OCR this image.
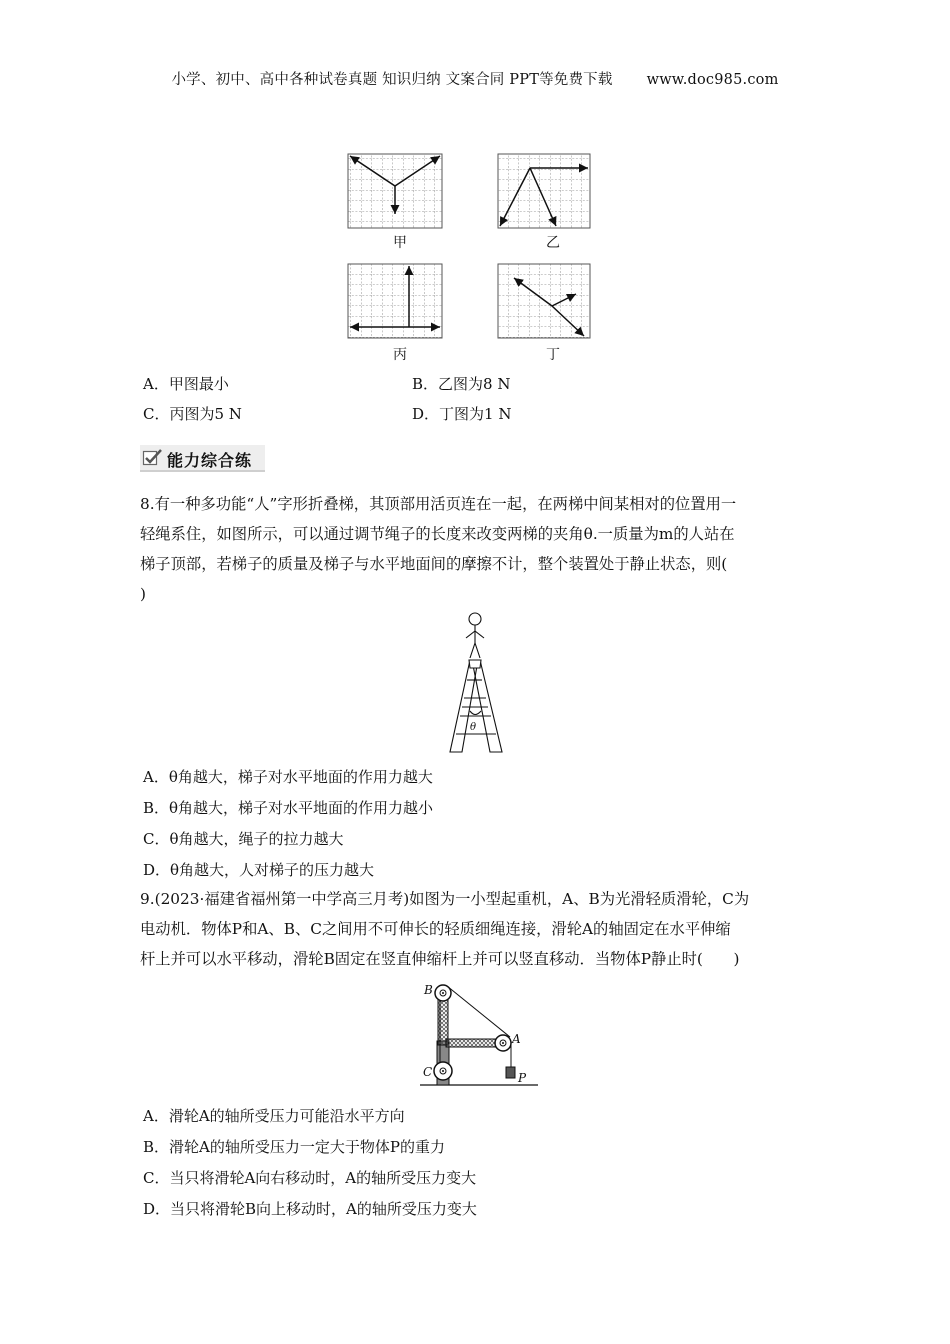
小学、初中、高中各种试卷真题 知识归纳 文案合同 PPT等免费下载 www.doc985.com
甲	乙
丙	丁
A．甲图最小	B．乙图为8 N
C．丙图为5 N	D．丁图为1 N
能力综合练
8.有一种多功能“人”字形折叠梯，其顶部用活页连在一起，在两梯中间某相对的位置用一
轻绳系住，如图所示，可以通过调节绳子的长度来改变两梯的夹角θ.一质量为m的人站在
梯子顶部，若梯子的质量及梯子与水平地面间的摩擦不计，整个装置处于静止状态，则(
)
θ
A．θ角越大，梯子对水平地面的作用力越大
B．θ角越大，梯子对水平地面的作用力越小
C．θ角越大，绳子的拉力越大
D．θ角越大，人对梯子的压力越大
9.(2023·福建省福州第一中学高三月考)如图为一小型起重机，A、B为光滑轻质滑轮，C为
电动机．物体P和A、B、C之间用不可伸长的轻质细绳连接，滑轮A的轴固定在水平伸缩
杆上并可以水平移动，滑轮B固定在竖直伸缩杆上并可以竖直移动．当物体P静止时(　　)
B
A
C	P
A．滑轮A的轴所受压力可能沿水平方向
B．滑轮A的轴所受压力一定大于物体P的重力
C．当只将滑轮A向右移动时，A的轴所受压力变大
D．当只将滑轮B向上移动时，A的轴所受压力变大
